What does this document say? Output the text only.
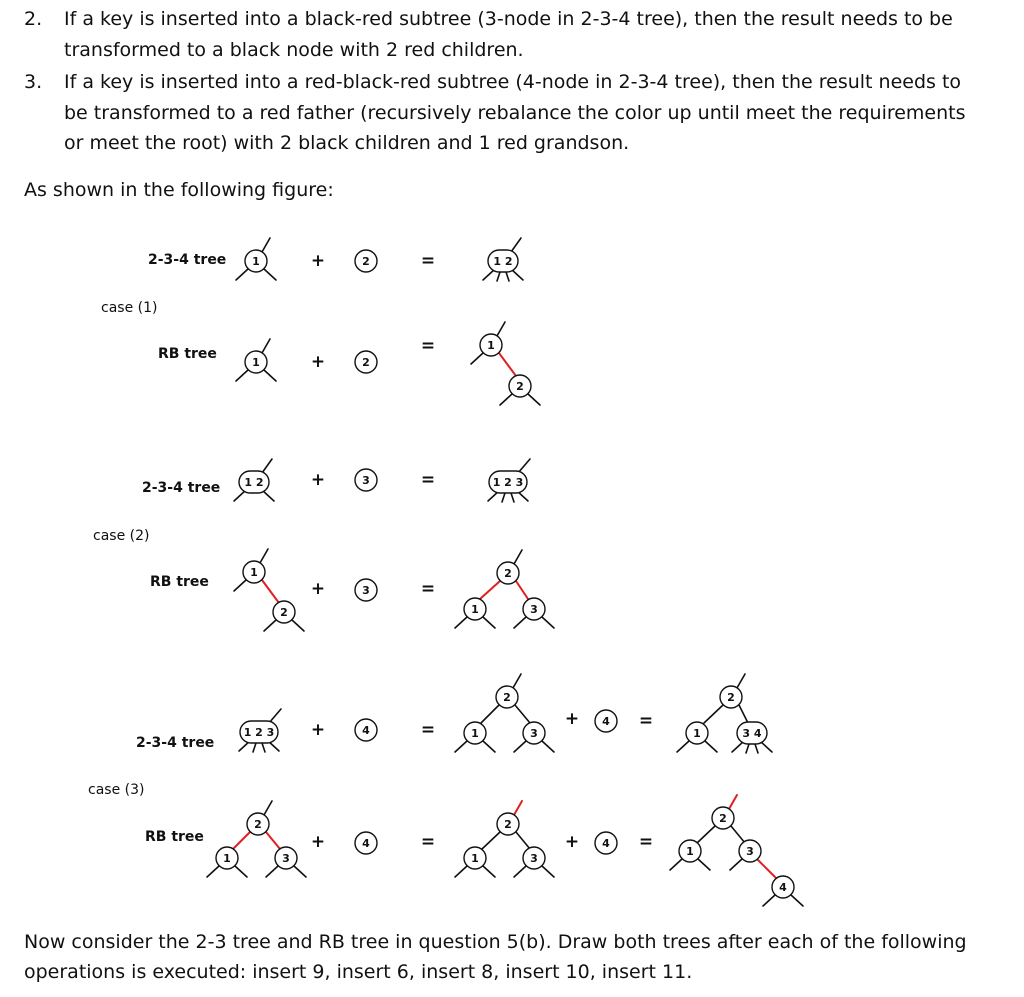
2.	If a key is inserted into a black-red subtree (3-node in 2-3-4 tree), then the result needs to be transformed to a black node with 2 red children.
3.	If a key is inserted into a red-black-red subtree (4-node in 2-3-4 tree), then the result needs to be transformed to a red father (recursively rebalance the color up until meet the requirements or meet the root) with 2 black children and 1 red grandson.
As shown in the following figure:
2-3-4 tree
case (1)
RB tree
2-3-4 tree
case (2)
RB tree
2-3-4 tree
case (3)
RB tree
1	2	1 2
1	2
1
2
1 2	3	1 2 3
1
2
3
2
1	3
1 2 3	4
2
1	3
4
2
1	3 4
2
1	3
4
2
1	3
4
2
1	3
4
+	=
+
=
+	=
+	=
+	=
+	=
+	=	+	=
Now consider the 2-3 tree and RB tree in question 5(b). Draw both trees after each of the following operations is executed: insert 9, insert 6, insert 8, insert 10, insert 11.
